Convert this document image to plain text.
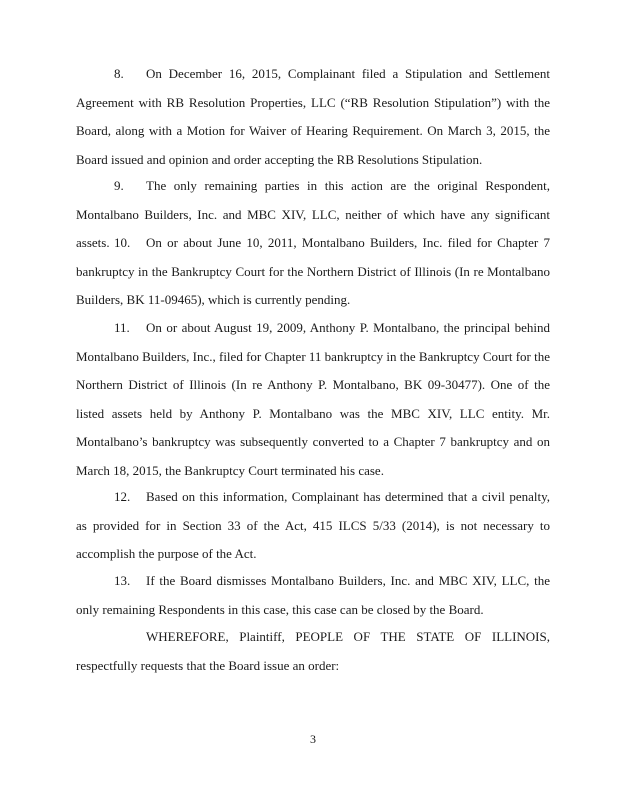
8. On December 16, 2015, Complainant filed a Stipulation and Settlement Agreement with RB Resolution Properties, LLC (“RB Resolution Stipulation”) with the Board, along with a Motion for Waiver of Hearing Requirement. On March 3, 2015, the Board issued and opinion and order accepting the RB Resolutions Stipulation.

9. The only remaining parties in this action are the original Respondent, Montalbano Builders, Inc. and MBC XIV, LLC, neither of which have any significant assets. 10. On or about June 10, 2011, Montalbano Builders, Inc. filed for Chapter 7 bankruptcy in the Bankruptcy Court for the Northern District of Illinois (In re Montalbano Builders, BK 11-09465), which is currently pending.

11. On or about August 19, 2009, Anthony P. Montalbano, the principal behind Montalbano Builders, Inc., filed for Chapter 11 bankruptcy in the Bankruptcy Court for the Northern District of Illinois (In re Anthony P. Montalbano, BK 09-30477). One of the listed assets held by Anthony P. Montalbano was the MBC XIV, LLC entity. Mr. Montalbano’s bankruptcy was subsequently converted to a Chapter 7 bankruptcy and on March 18, 2015, the Bankruptcy Court terminated his case.

12. Based on this information, Complainant has determined that a civil penalty, as provided for in Section 33 of the Act, 415 ILCS 5/33 (2014), is not necessary to accomplish the purpose of the Act.

13. If the Board dismisses Montalbano Builders, Inc. and MBC XIV, LLC, the only remaining Respondents in this case, this case can be closed by the Board.

WHEREFORE, Plaintiff, PEOPLE OF THE STATE OF ILLINOIS, respectfully requests that the Board issue an order:

3
